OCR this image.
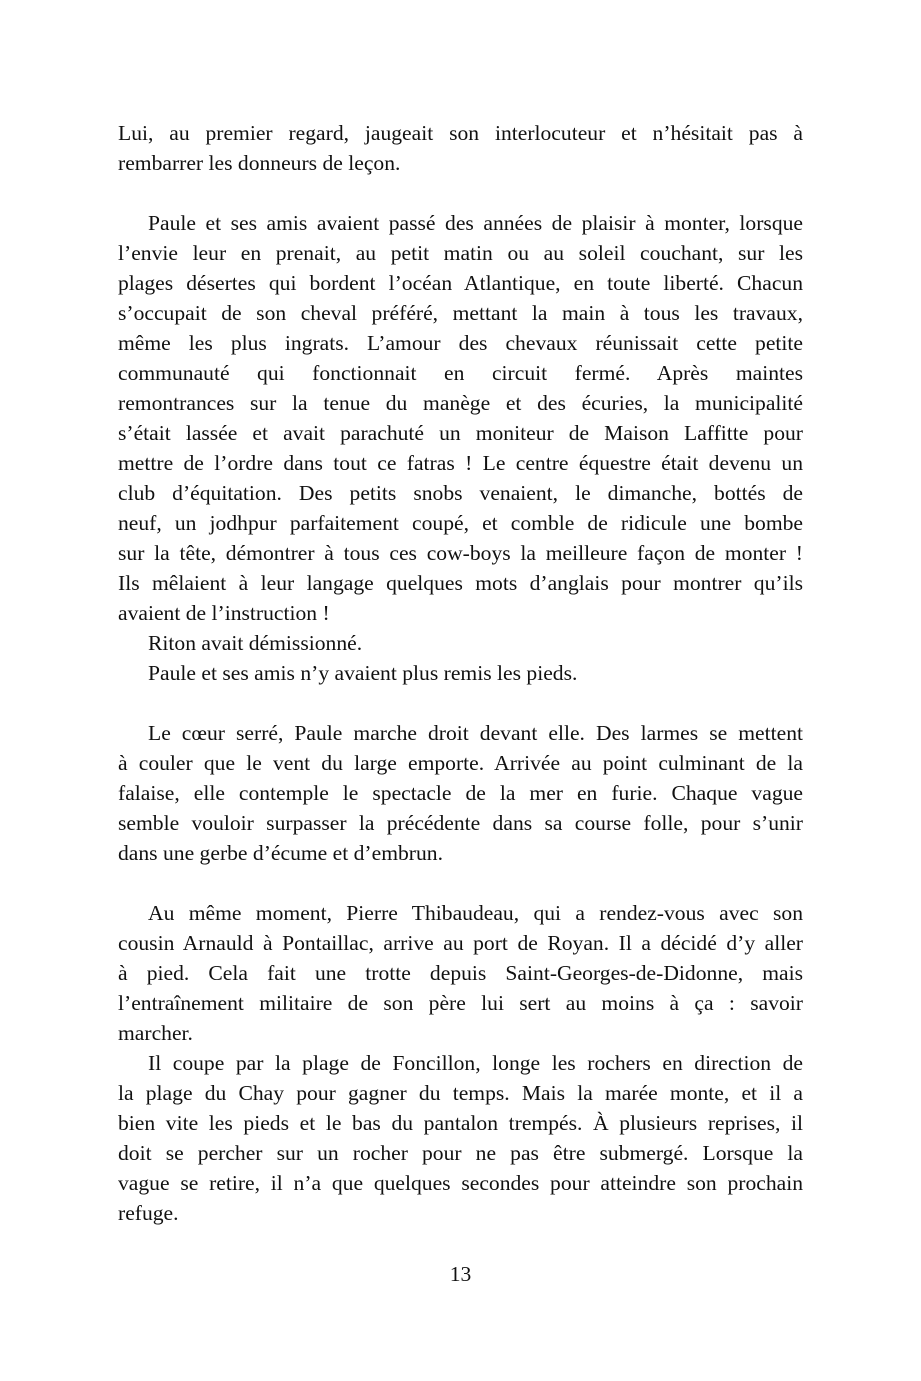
Lui, au premier regard, jaugeait son interlocuteur et n’hésitait pas à
rembarrer les donneurs de leçon.

Paule et ses amis avaient passé des années de plaisir à monter, lorsque
l’envie leur en prenait, au petit matin ou au soleil couchant, sur les
plages désertes qui bordent l’océan Atlantique, en toute liberté. Chacun
s’occupait de son cheval préféré, mettant la main à tous les travaux,
même les plus ingrats. L’amour des chevaux réunissait cette petite
communauté qui fonctionnait en circuit fermé. Après maintes
remontrances sur la tenue du manège et des écuries, la municipalité
s’était lassée et avait parachuté un moniteur de Maison Laffitte pour
mettre de l’ordre dans tout ce fatras ! Le centre équestre était devenu un
club d’équitation. Des petits snobs venaient, le dimanche, bottés de
neuf, un jodhpur parfaitement coupé, et comble de ridicule une bombe
sur la tête, démontrer à tous ces cow-boys la meilleure façon de monter !
Ils mêlaient à leur langage quelques mots d’anglais pour montrer qu’ils
avaient de l’instruction !

Riton avait démissionné.

Paule et ses amis n’y avaient plus remis les pieds.

Le cœur serré, Paule marche droit devant elle. Des larmes se mettent
à couler que le vent du large emporte. Arrivée au point culminant de la
falaise, elle contemple le spectacle de la mer en furie. Chaque vague
semble vouloir surpasser la précédente dans sa course folle, pour s’unir
dans une gerbe d’écume et d’embrun.

Au même moment, Pierre Thibaudeau, qui a rendez-vous avec son
cousin Arnauld à Pontaillac, arrive au port de Royan. Il a décidé d’y aller
à pied. Cela fait une trotte depuis Saint-Georges-de-Didonne, mais
l’entraînement militaire de son père lui sert au moins à ça : savoir
marcher.

Il coupe par la plage de Foncillon, longe les rochers en direction de
la plage du Chay pour gagner du temps. Mais la marée monte, et il a
bien vite les pieds et le bas du pantalon trempés. À plusieurs reprises, il
doit se percher sur un rocher pour ne pas être submergé. Lorsque la
vague se retire, il n’a que quelques secondes pour atteindre son prochain
refuge.

13
